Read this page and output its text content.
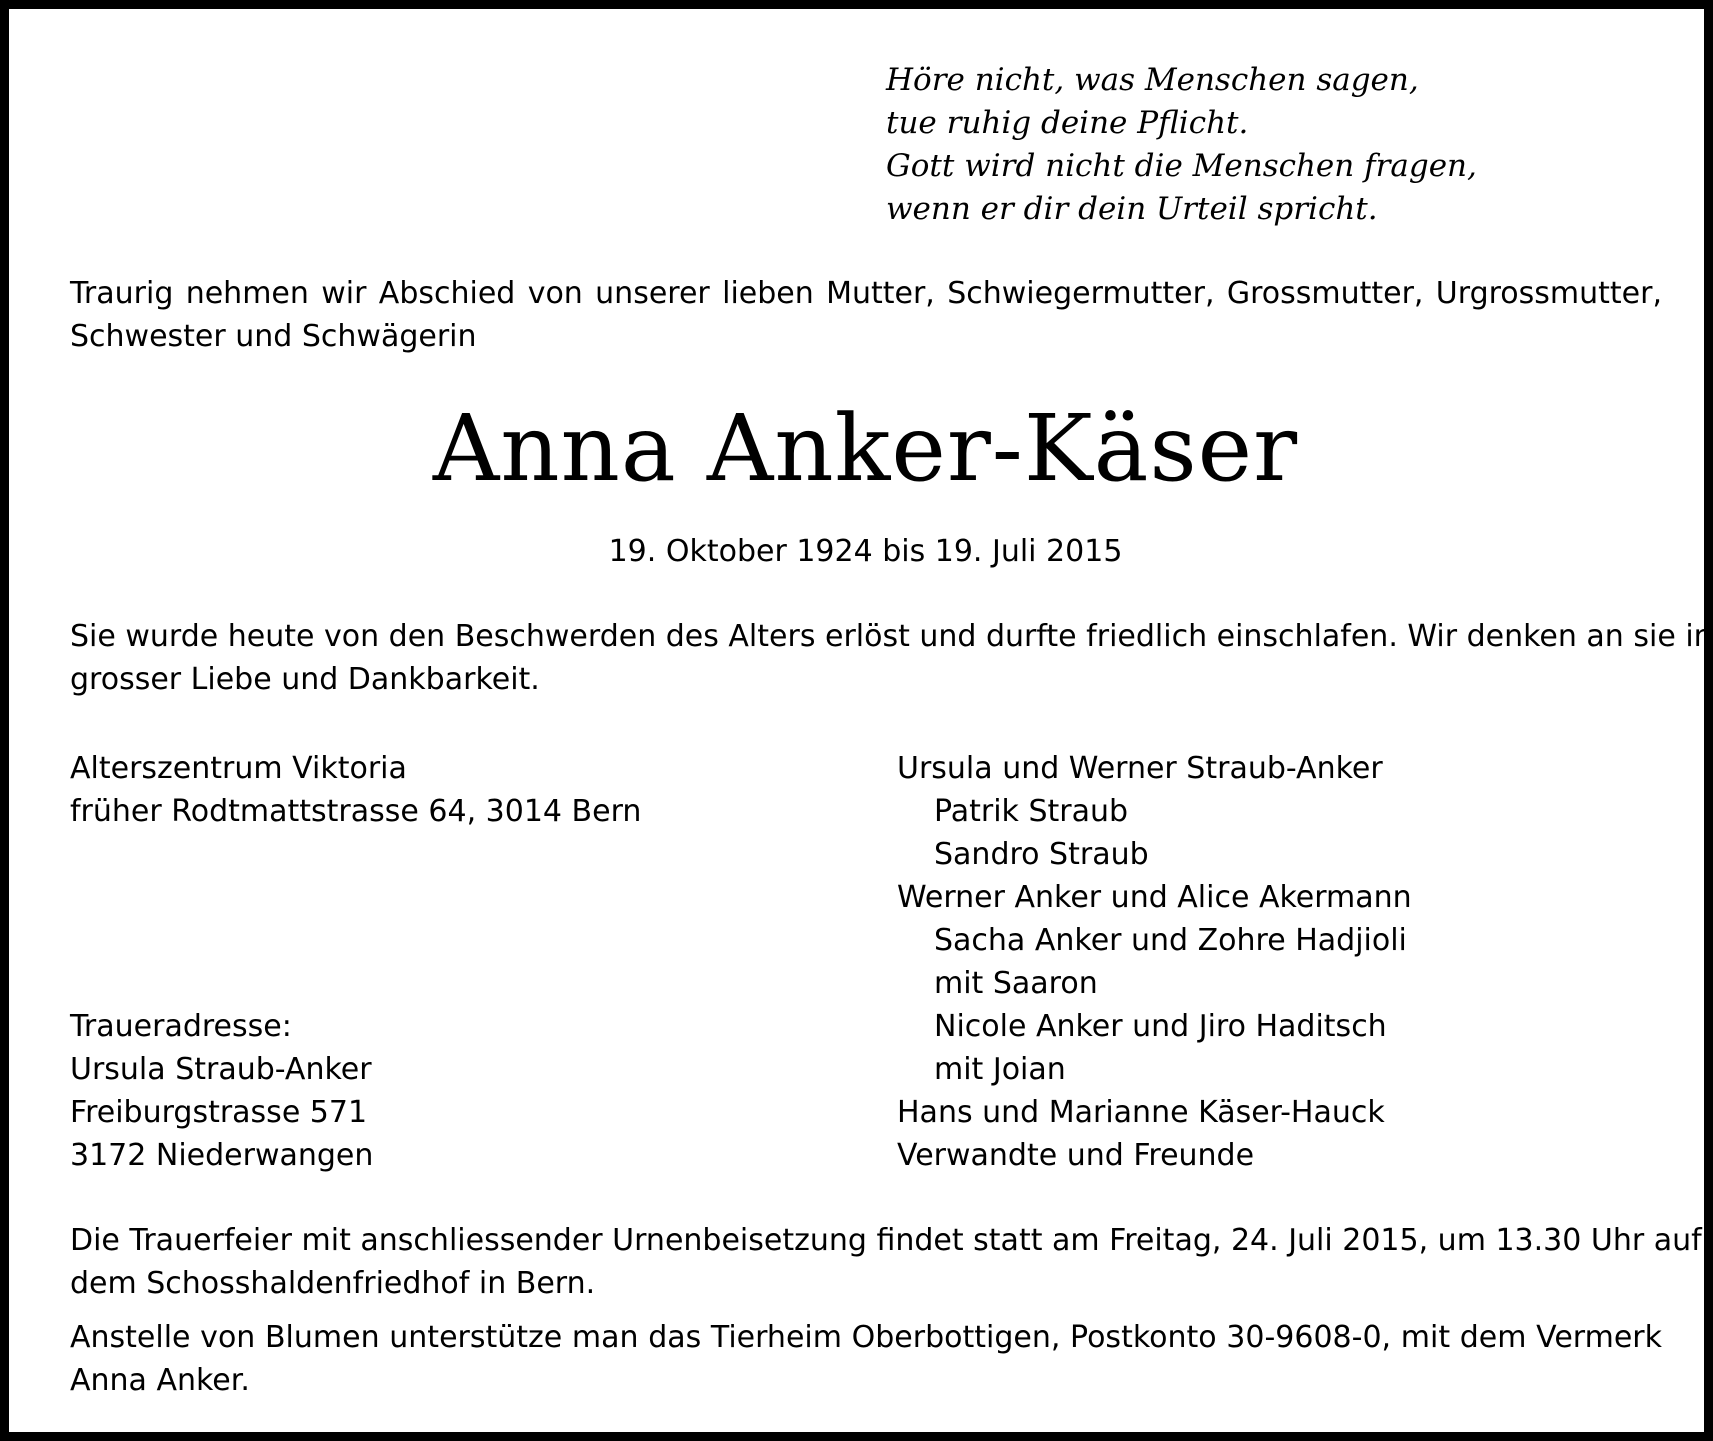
Höre nicht, was Menschen sagen,
tue ruhig deine Pflicht.
Gott wird nicht die Menschen fragen,
wenn er dir dein Urteil spricht.
Traurig nehmen wir Abschied von unserer lieben Mutter, Schwiegermutter, Grossmutter, Urgrossmutter,
Schwester und Schwägerin
Anna Anker-Käser
19. Oktober 1924 bis 19. Juli 2015
Sie wurde heute von den Beschwerden des Alters erlöst und durfte friedlich einschlafen. Wir denken an sie in
grosser Liebe und Dankbarkeit.
Alterszentrum Viktoria
früher Rodtmattstrasse 64, 3014 Bern
Traueradresse:
Ursula Straub-Anker
Freiburgstrasse 571
3172 Niederwangen
Ursula und Werner Straub-Anker
Patrik Straub
Sandro Straub
Werner Anker und Alice Akermann
Sacha Anker und Zohre Hadjioli
mit Saaron
Nicole Anker und Jiro Haditsch
mit Joian
Hans und Marianne Käser-Hauck
Verwandte und Freunde
Die Trauerfeier mit anschliessender Urnenbeisetzung findet statt am Freitag, 24. Juli 2015, um 13.30 Uhr auf
dem Schosshaldenfriedhof in Bern.
Anstelle von Blumen unterstütze man das Tierheim Oberbottigen, Postkonto 30-9608-0, mit dem Vermerk
Anna Anker.
